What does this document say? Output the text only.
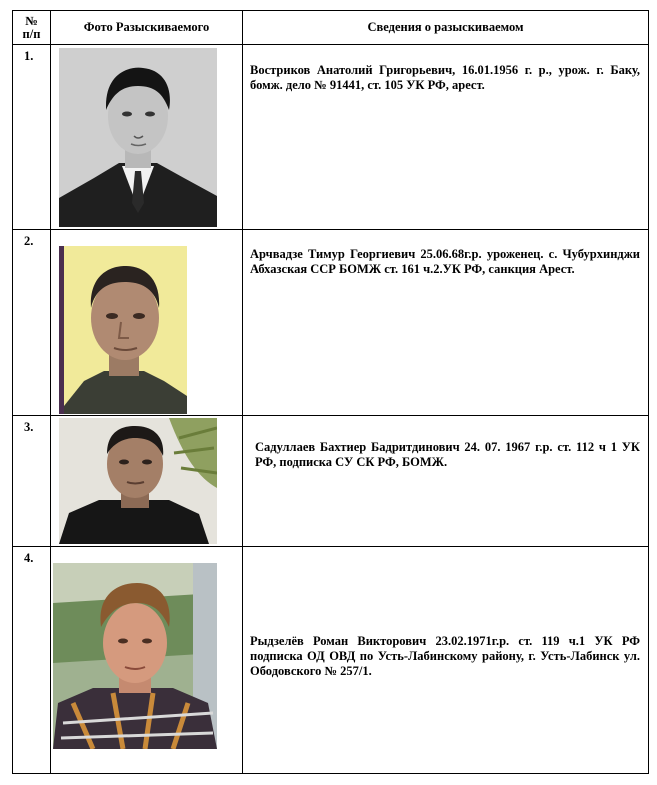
№ п/п	Фото Разыскиваемого	Сведения о разыскиваемом

1.		Востриков Анатолий Григорьевич, 16.01.1956 г. р., урож. г. Баку, бомж. дело № 91441, ст. 105 УК РФ, арест.

2.		Арчвадзе Тимур Георгиевич 25.06.68г.р. уроженец. с. Чубурхинджи Абхазская ССР БОМЖ ст. 161 ч.2.УК РФ, санкция Арест.

3.		Садуллаев Бахтиер Бадритдинович 24. 07. 1967 г.р. ст. 112 ч 1 УК РФ, подписка СУ СК РФ, БОМЖ.

4.		Рыдзелёв Роман Викторович 23.02.1971г.р. ст. 119 ч.1 УК РФ подписка ОД ОВД по Усть-Лабинскому району, г. Усть-Лабинск ул. Ободовского № 257/1.
